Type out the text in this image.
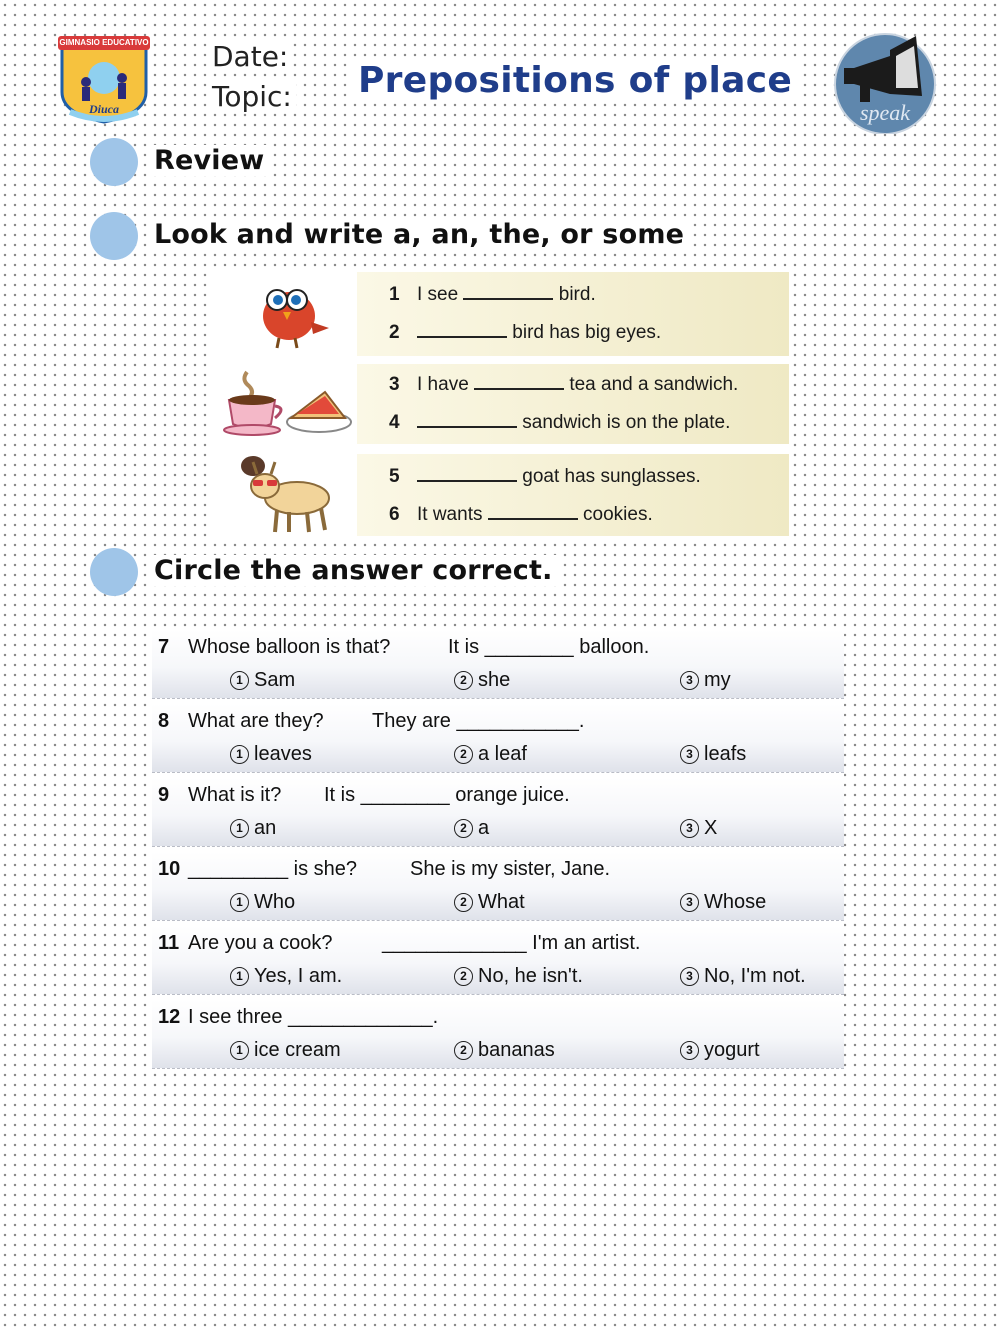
GIMNASIO EDUCATIVO
Diuca
Date:
Topic: Prepositions of place
speak
Review
Look and write a, an, the, or some
Circle the answer correct.
1 I see	bird.
2	bird has big eyes.
3 I have	tea and a sandwich.
4	sandwich is on the plate.
5	goat has sunglasses.
6 It wants	cookies.
7 Whose balloon is that?	It is ________ balloon.
1 Sam	2 she	3 my
8 What are they? They are ___________.
1 leaves	2 a leaf	3 leafs
9 What is it? It is ________ orange juice.
1 an	2 a	3 X
10 _________ is she?	She is my sister, Jane.
1 Who	2 What	3 Whose
11 Are you a cook? _____________ I'm an artist.
1 Yes, I am.	2 No, he isn't.	3 No, I'm not.
12 I see three _____________.
1 ice cream	2 bananas	3 yogurt
